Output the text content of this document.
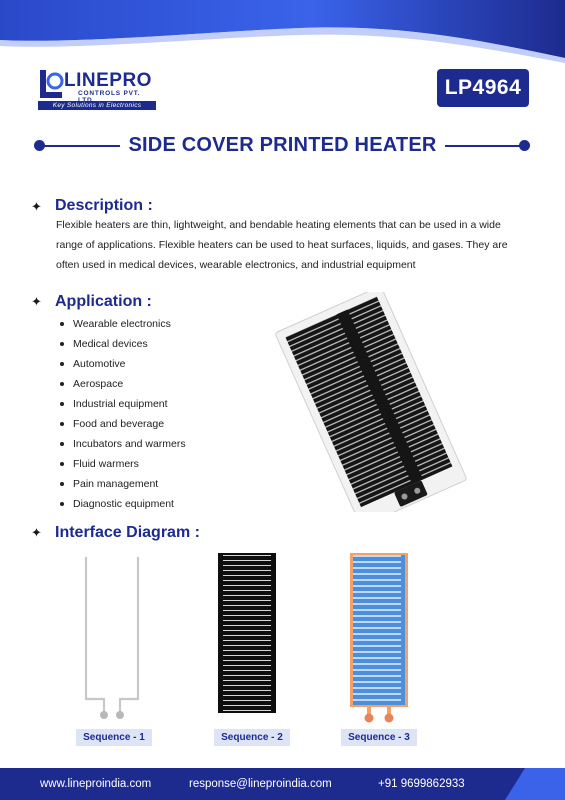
LINEPRO
CONTROLS PVT.
Key Solutions in Electronics
LP4964
SIDE COVER PRINTED HEATER
✦ Description :

Flexible heaters are thin, lightweight, and bendable heating elements that can be used in a wide range of applications. Flexible heaters can be used to heat surfaces, liquids, and gases. They are often used in medical devices, wearable electronics, and industrial equipment

✦ Application :
Wearable electronics
Medical devices
Automotive
Aerospace
Industrial equipment
Food and beverage
Incubators and warmers
Fluid warmers
Pain management
Diagnostic equipment
✦ Interface Diagram :
Sequence - 1	Sequence - 2	Sequence - 3
www.lineproindia.com	response@lineproindia.com	+91 9699862933
